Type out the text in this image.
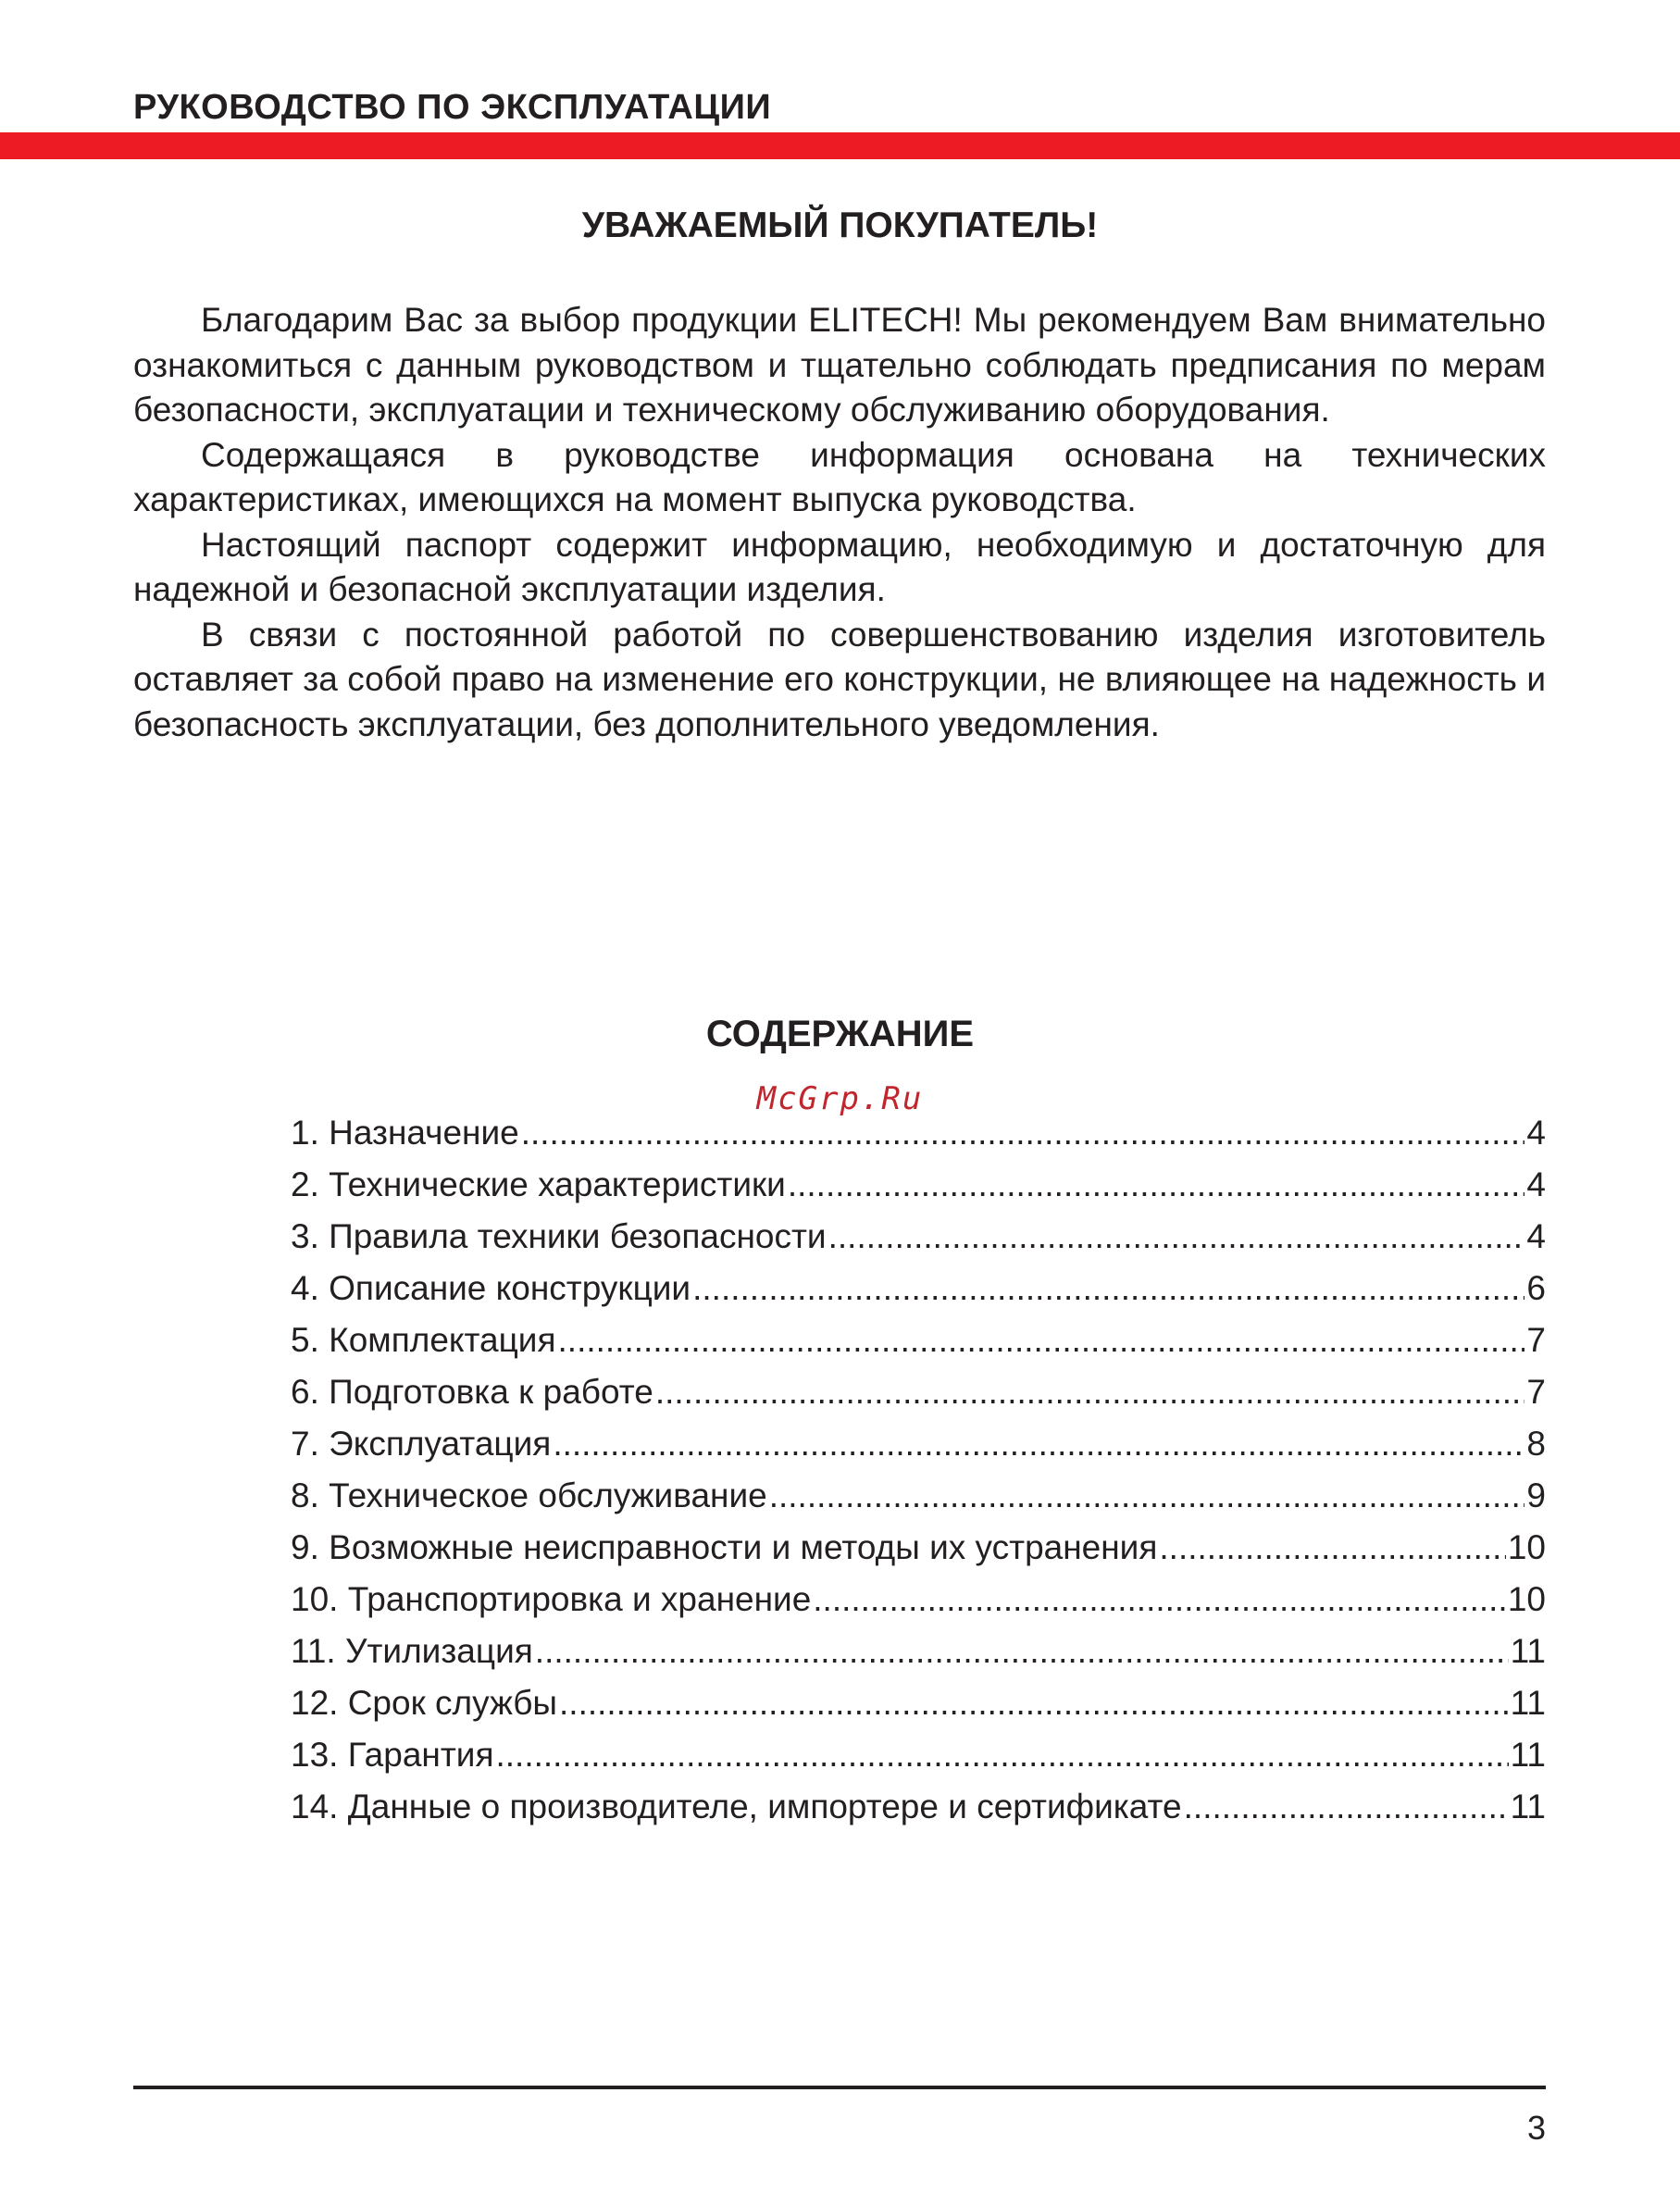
РУКОВОДСТВО ПО ЭКСПЛУАТАЦИИ
УВАЖАЕМЫЙ ПОКУПАТЕЛЬ!

Благодарим Вас за выбор продукции ELITECH! Мы рекомендуем Вам внимательно ознакомиться с данным руководством и тщательно соблюдать предписания по мерам безопасности, эксплуатации и техническому обслуживанию оборудования.

Содержащаяся в руководстве информация основана на технических характеристиках, имеющихся на момент выпуска руководства.

Настоящий паспорт содержит информацию, необходимую и достаточную для надежной и безопасной эксплуатации изделия.

В связи с постоянной работой по совершенствованию изделия изготовитель оставляет за собой право на изменение его конструкции, не влияющее на надежность и безопасность эксплуатации, без дополнительного уведомления.

СОДЕРЖАНИЕ
McGrp.Ru
1. Назначение .....	4
2. Технические характеристики .....	4
3. Правила техники безопасности .....	4
4. Описание конструкции .....	6
5. Комплектация .....	7
6. Подготовка к работе .....	7
7. Эксплуатация .....	8
8. Техническое обслуживание .....	9
9. Возможные неисправности и методы их устранения .....	10
10. Транспортировка и хранение .....	10
11. Утилизация .....	11
12. Срок службы .....	11
13. Гарантия .....	11
14. Данные о производителе, импортере и сертификате .....	11
3
